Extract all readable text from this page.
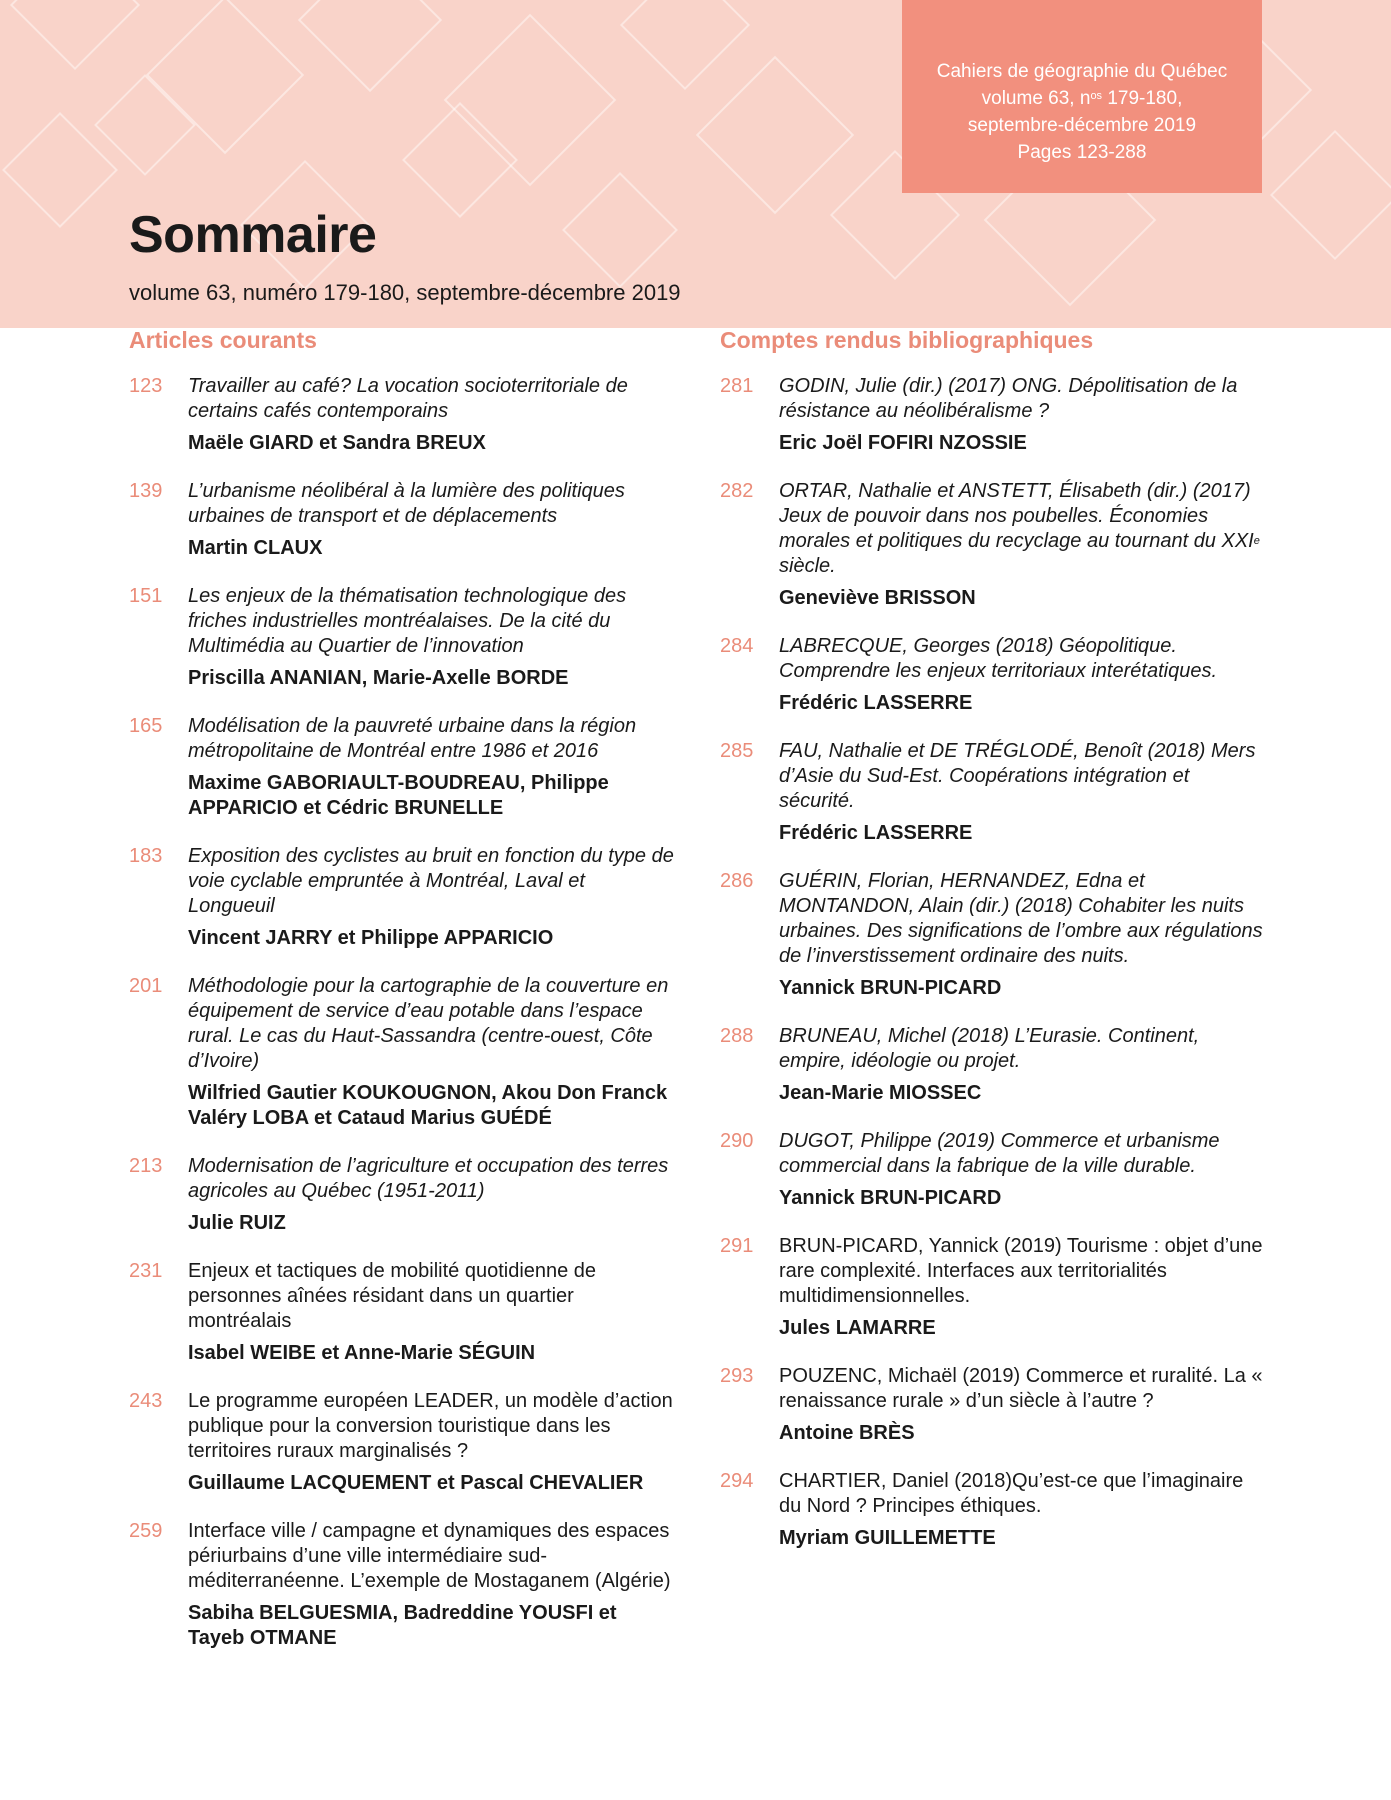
Cahiers de géographie du Québec
volume 63, $n^{os}$ 179-180,
septembre-décembre 2019
Pages 123-288
Sommaire

volume 63, numéro 179-180, septembre-décembre 2019

Articles courants
123	Travailler au café? La vocation socioterritoriale de certains cafés contemporains

Maële GIARD et Sandra BREUX

139	L’urbanisme néolibéral à la lumière des politiques urbaines de transport et de déplacements

Martin CLAUX

151	Les enjeux de la thématisation technologique des friches industrielles montréalaises. De la cité du Multimédia au Quartier de l’innovation

Priscilla ANANIAN, Marie-Axelle BORDE

165	Modélisation de la pauvreté urbaine dans la région métropolitaine de Montréal entre 1986 et 2016

Maxime GABORIAULT-BOUDREAU, Philippe APPARICIO et Cédric BRUNELLE

183	Exposition des cyclistes au bruit en fonction du type de voie cyclable empruntée à Montréal, Laval et Longueuil

Vincent JARRY et Philippe APPARICIO

201	Méthodologie pour la cartographie de la couverture en équipement de service d’eau potable dans l’espace rural. Le cas du Haut-Sassandra (centre-ouest, Côte d’Ivoire)

Wilfried Gautier KOUKOUGNON, Akou Don Franck Valéry LOBA et Cataud Marius GUÉDÉ

213	Modernisation de l’agriculture et occupation des terres agricoles au Québec (1951-2011)

Julie RUIZ

231	Enjeux et tactiques de mobilité quotidienne de personnes aînées résidant dans un quartier montréalais

Isabel WEIBE et Anne-Marie SÉGUIN

243	Le programme européen LEADER, un modèle d’action publique pour la conversion touristique dans les territoires ruraux marginalisés ?

Guillaume LACQUEMENT et Pascal CHEVALIER

259	Interface ville / campagne et dynamiques des espaces périurbains d’une ville intermédiaire sud-méditerranéenne. L’exemple de Mostaganem (Algérie)

Sabiha BELGUESMIA, Badreddine YOUSFI et Tayeb OTMANE

Comptes rendus bibliographiques
281	GODIN, Julie (dir.) (2017) ONG. Dépolitisation de la résistance au néolibéralisme ?

Eric Joël FOFIRI NZOSSIE

282	ORTAR, Nathalie et ANSTETT, Élisabeth (dir.) (2017) Jeux de pouvoir dans nos poubelles. Économies morales et politiques du recyclage au tournant du XXIe siècle.

Geneviève BRISSON

284	LABRECQUE, Georges (2018) Géopolitique. Comprendre les enjeux territoriaux interétatiques.

Frédéric LASSERRE

285	FAU, Nathalie et DE TRÉGLODÉ, Benoît (2018) Mers d’Asie du Sud-Est. Coopérations intégration et sécurité.

Frédéric LASSERRE

286	GUÉRIN, Florian, HERNANDEZ, Edna et MONTANDON, Alain (dir.) (2018) Cohabiter les nuits urbaines. Des significations de l’ombre aux régulations de l’inverstissement ordinaire des nuits.

Yannick BRUN-PICARD

288	BRUNEAU, Michel (2018) L’Eurasie. Continent, empire, idéologie ou projet.

Jean-Marie MIOSSEC

290	DUGOT, Philippe (2019) Commerce et urbanisme commercial dans la fabrique de la ville durable.

Yannick BRUN-PICARD

291	BRUN-PICARD, Yannick (2019) Tourisme : objet d’une rare complexité. Interfaces aux territorialités multidimensionnelles.

Jules LAMARRE

293	POUZENC, Michaël (2019) Commerce et ruralité. La « renaissance rurale » d’un siècle à l’autre ?

Antoine BRÈS

294	CHARTIER, Daniel (2018)Qu’est-ce que l’imaginaire du Nord ? Principes éthiques.

Myriam GUILLEMETTE
